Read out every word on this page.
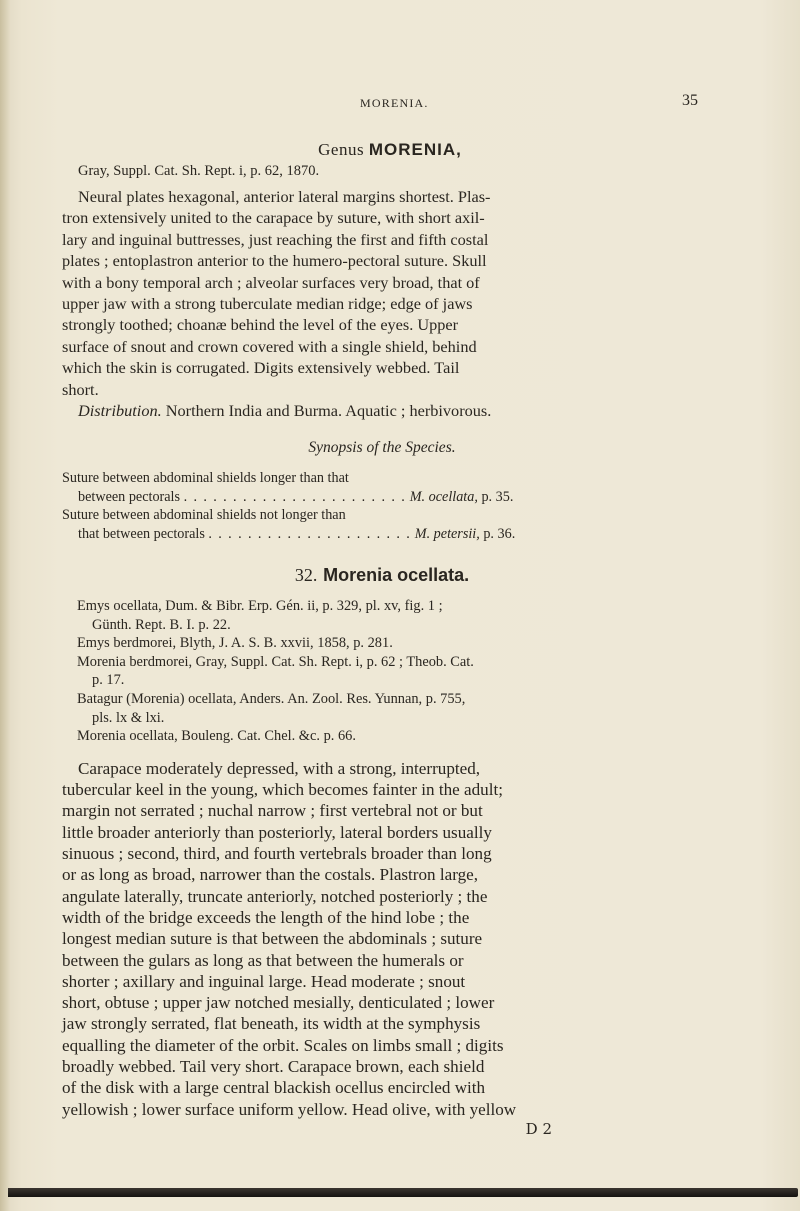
MORENIA.	35
Genus MORENIA,
Gray, Suppl. Cat. Sh. Rept. i, p. 62, 1870.
Neural plates hexagonal, anterior lateral margins shortest. Plas-
tron extensively united to the carapace by suture, with short axil-
lary and inguinal buttresses, just reaching the first and fifth costal
plates ; entoplastron anterior to the humero-pectoral suture. Skull
with a bony temporal arch ; alveolar surfaces very broad, that of
upper jaw with a strong tuberculate median ridge; edge of jaws
strongly toothed; choanæ behind the level of the eyes. Upper
surface of snout and crown covered with a single shield, behind
which the skin is corrugated. Digits extensively webbed. Tail
short.
Distribution. Northern India and Burma. Aquatic ; herbivorous.
Synopsis of the Species.
Suture between abdominal shields longer than that
between pectorals . . . . . . . . . . . . . . . . . . . . . . . M. ocellata, p. 35.
Suture between abdominal shields not longer than
that between pectorals . . . . . . . . . . . . . . . . . . . . . M. petersii, p. 36.
32. Morenia ocellata.
Emys ocellata, Dum. & Bibr. Erp. Gén. ii, p. 329, pl. xv, fig. 1 ;
Günth. Rept. B. I. p. 22.
Emys berdmorei, Blyth, J. A. S. B. xxvii, 1858, p. 281.
Morenia berdmorei, Gray, Suppl. Cat. Sh. Rept. i, p. 62 ; Theob. Cat.
p. 17.
Batagur (Morenia) ocellata, Anders. An. Zool. Res. Yunnan, p. 755,
pls. lx & lxi.
Morenia ocellata, Bouleng. Cat. Chel. &c. p. 66.
Carapace moderately depressed, with a strong, interrupted,
tubercular keel in the young, which becomes fainter in the adult;
margin not serrated ; nuchal narrow ; first vertebral not or but
little broader anteriorly than posteriorly, lateral borders usually
sinuous ; second, third, and fourth vertebrals broader than long
or as long as broad, narrower than the costals. Plastron large,
angulate laterally, truncate anteriorly, notched posteriorly ; the
width of the bridge exceeds the length of the hind lobe ; the
longest median suture is that between the abdominals ; suture
between the gulars as long as that between the humerals or
shorter ; axillary and inguinal large. Head moderate ; snout
short, obtuse ; upper jaw notched mesially, denticulated ; lower
jaw strongly serrated, flat beneath, its width at the symphysis
equalling the diameter of the orbit. Scales on limbs small ; digits
broadly webbed. Tail very short. Carapace brown, each shield
of the disk with a large central blackish ocellus encircled with
yellowish ; lower surface uniform yellow. Head olive, with yellow
D 2
